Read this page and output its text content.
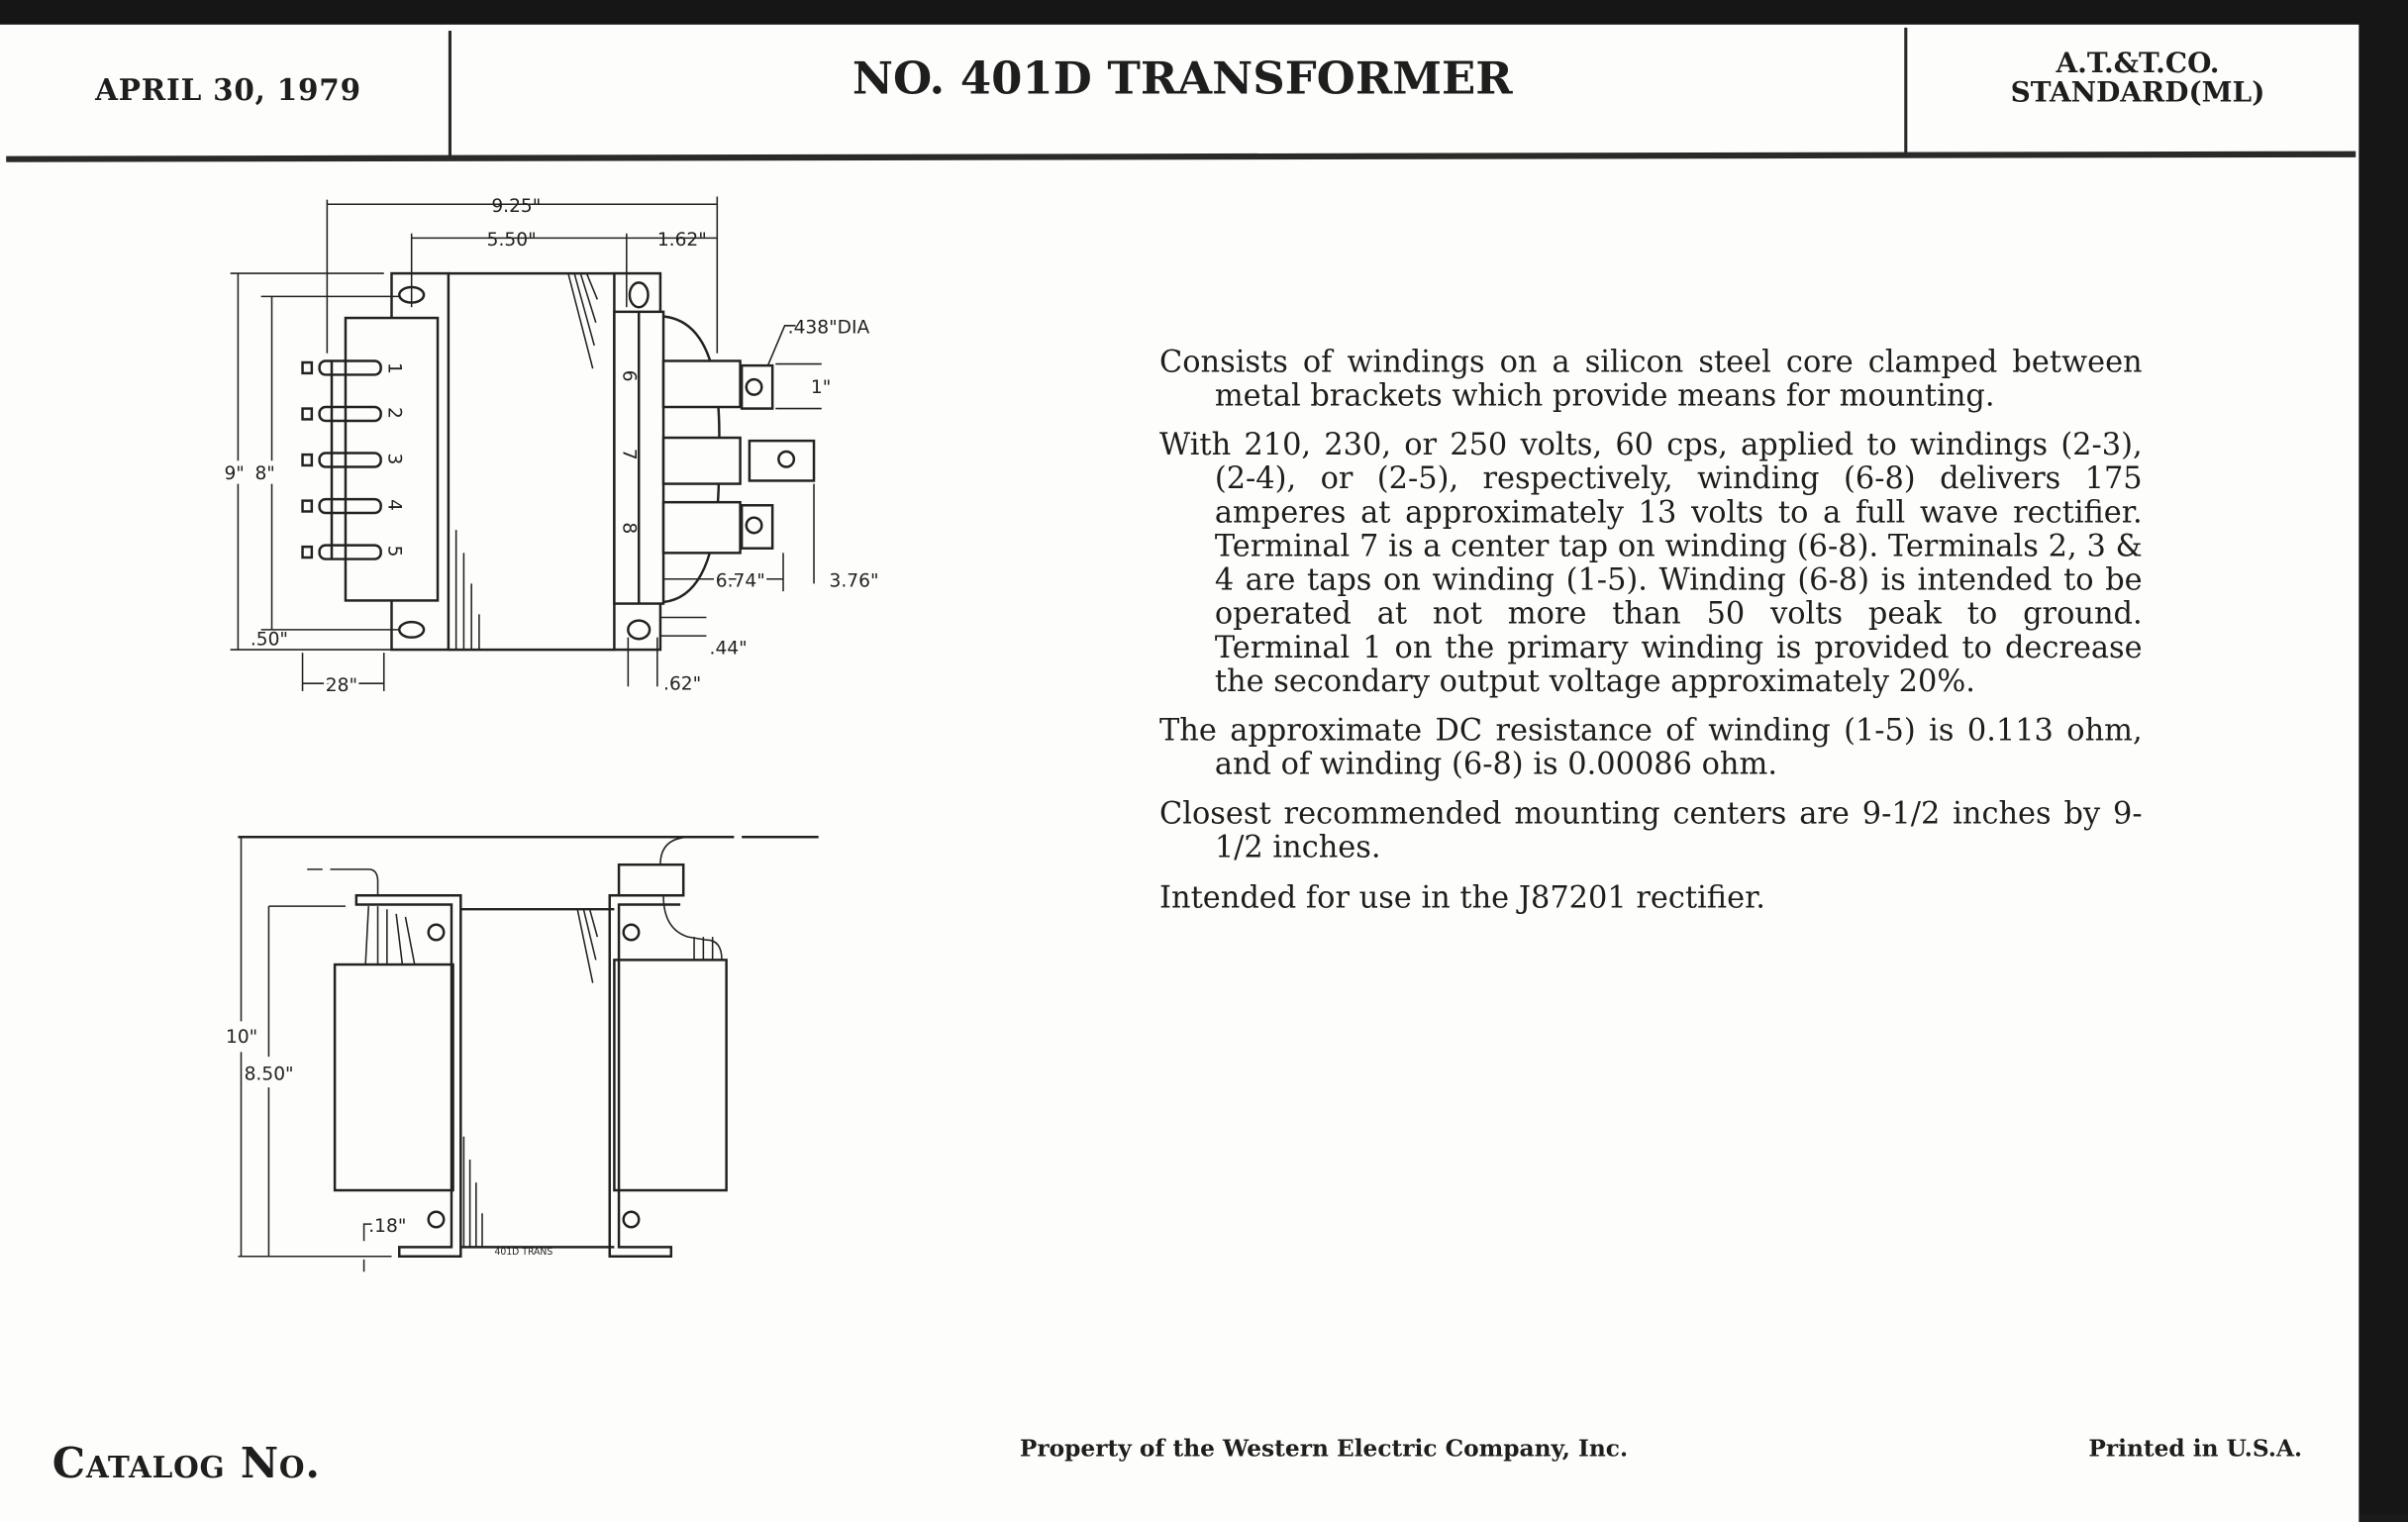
APRIL 30, 1979	NO. 401D TRANSFORMER	A.T.&T.CO.
STANDARD(ML)

Consists of windings on a silicon steel core clamped between metal brackets which provide means for mounting.

With 210, 230, or 250 volts, 60 cps, applied to windings (2-3), (2-4), or (2-5), respectively, winding (6-8) delivers 175 amperes at approximately 13 volts to a full wave rectifier. Terminal 7 is a center tap on winding (6-8). Terminals 2, 3 & 4 are taps on winding (1-5). Winding (6-8) is intended to be operated at not more than 50 volts peak to ground. Terminal 1 on the primary winding is provided to decrease the secondary output voltage approximately 20%.

The approximate DC resistance of winding (1-5) is 0.113 ohm, and of winding (6-8) is 0.00086 ohm.

Closest recommended mounting centers are 9-1/2 inches by 9-1/2 inches.

Intended for use in the J87201 rectifier.

Catalog No.	Property of the Western Electric Company, Inc.	Printed in U.S.A.
9.25"
5.50"	1.62"
6
7
8
1
2
3
4
5
9" 8"
.50"
28"
.438"DIA
1"
6.74"	3.76"
.44"
.62"
10"
8.50"
.18"
401D TRANS
